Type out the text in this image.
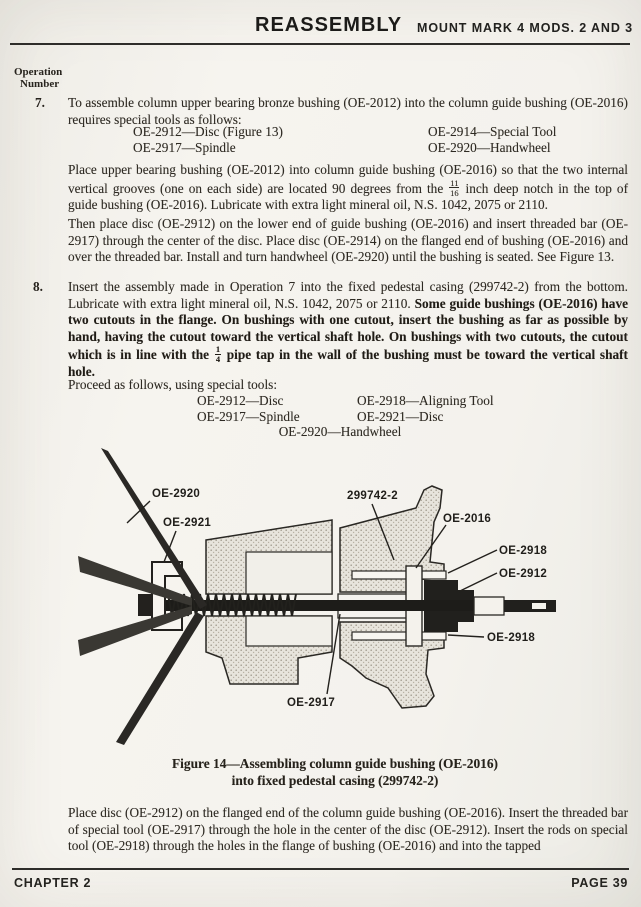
REASSEMBLY MOUNT MARK 4 MODS. 2 AND 3
Operation
Number
7. To assemble column upper bearing bronze bushing (OE-2012) into the column guide bushing (OE-2016) requires special tools as follows:

OE-2912—Disc (Figure 13)	OE-2914—Special Tool
OE-2917—Spindle	OE-2920—Handwheel

Place upper bearing bushing (OE-2012) into column guide bushing (OE-2016) so that the two internal vertical grooves (one on each side) are located 90 degrees from the $\frac{11}{16}$ inch deep notch in the top of guide bushing (OE-2016). Lubricate with extra light mineral oil, N.S. 1042, 2075 or 2110.

Then place disc (OE-2912) on the lower end of guide bushing (OE-2016) and insert threaded bar (OE-2917) through the center of the disc. Place disc (OE-2914) on the flanged end of bushing (OE-2016) and over the threaded bar. Install and turn handwheel (OE-2920) until the bushing is seated. See Figure 13.

8. Insert the assembly made in Operation 7 into the fixed pedestal casing (299742-2) from the bottom. Lubricate with extra light mineral oil, N.S. 1042, 2075 or 2110. Some guide bushings (OE-2016) have two cutouts in the flange. On bushings with one cutout, insert the bushing as far as possible by hand, having the cutout toward the vertical shaft hole. On bushings with two cutouts, the cutout which is in line with the $\frac{1}{4}$ pipe tap in the wall of the bushing must be toward the vertical shaft hole.

Proceed as follows, using special tools:

OE-2912—Disc	OE-2918—Aligning Tool
OE-2917—Spindle	OE-2921—Disc
OE-2920—Handwheel
OE-2920
OE-2921
299742-2
OE-2016
OE-2918
OE-2912
OE-2918
OE-2917
Figure 14—Assembling column guide bushing (OE-2016)
into fixed pedestal casing (299742-2)

Place disc (OE-2912) on the flanged end of the column guide bushing (OE-2016). Insert the threaded bar of special tool (OE-2917) through the hole in the center of the disc (OE-2912). Insert the rods on special tool (OE-2918) through the holes in the flange of bushing (OE-2016) and into the tapped

CHAPTER 2	PAGE 39
